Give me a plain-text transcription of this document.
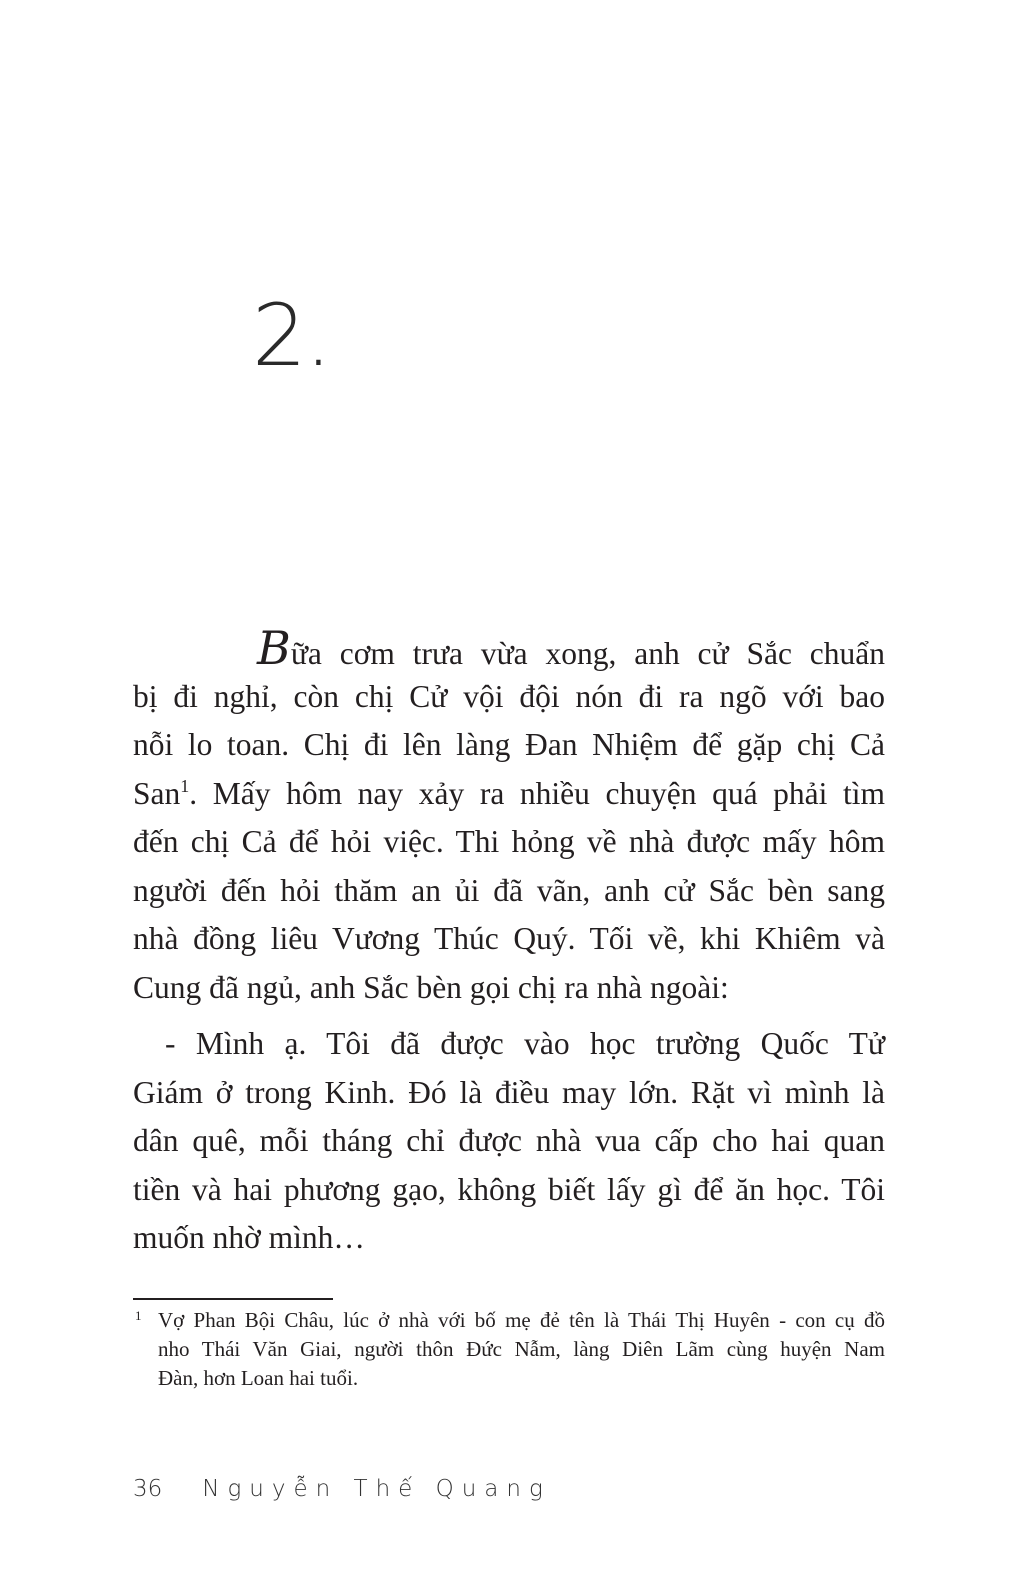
2.
Bữa cơm trưa vừa xong, anh cử Sắc chuẩn
bị đi nghỉ, còn chị Cử vội đội nón đi ra ngõ với bao
nỗi lo toan. Chị đi lên làng Đan Nhiệm để gặp chị Cả
San$^1$. Mấy hôm nay xảy ra nhiều chuyện quá phải tìm
đến chị Cả để hỏi việc. Thi hỏng về nhà được mấy hôm
người đến hỏi thăm an ủi đã vãn, anh cử Sắc bèn sang
nhà đồng liêu Vương Thúc Quý. Tối về, khi Khiêm và
Cung đã ngủ, anh Sắc bèn gọi chị ra nhà ngoài:
- Mình ạ. Tôi đã được vào học trường Quốc Tử
Giám ở trong Kinh. Đó là điều may lớn. Rặt vì mình là
dân quê, mỗi tháng chỉ được nhà vua cấp cho hai quan
tiền và hai phương gạo, không biết lấy gì để ăn học. Tôi
muốn nhờ mình…
1 Vợ Phan Bội Châu, lúc ở nhà với bố mẹ đẻ tên là Thái Thị Huyên - con cụ đồ
nho Thái Văn Giai, người thôn Đức Nẫm, làng Diên Lãm cùng huyện Nam
Đàn, hơn Loan hai tuổi.
36 Nguyễn Thế Quang
